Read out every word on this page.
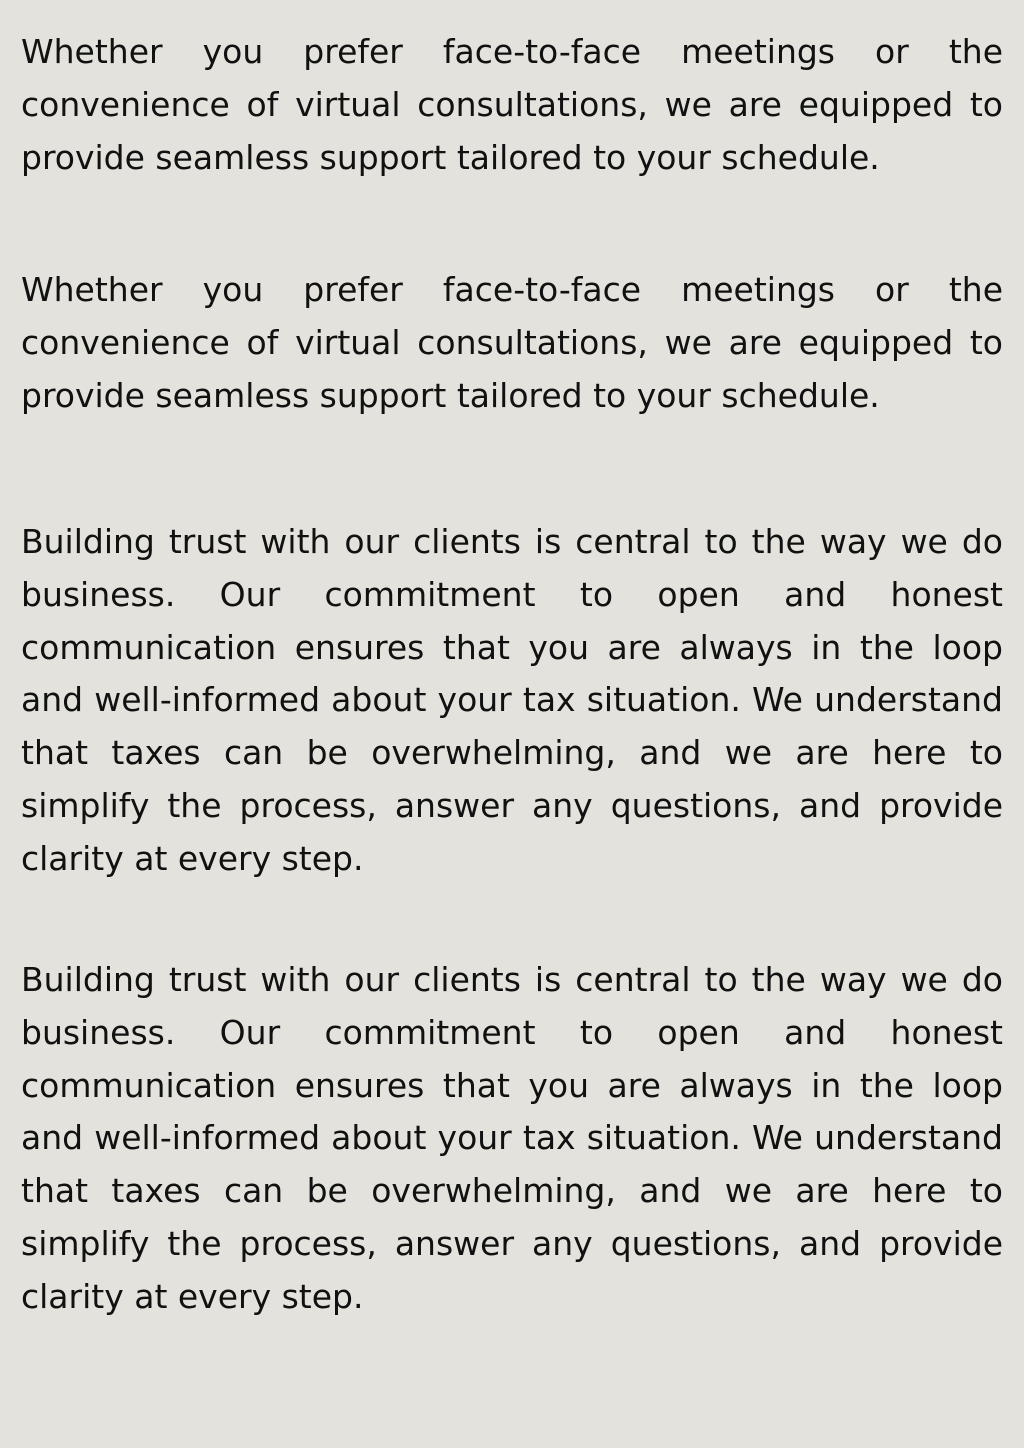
Whether you prefer face-to-face meetings or the convenience of virtual consultations, we are equipped to provide seamless support tailored to your schedule.

Whether you prefer face-to-face meetings or the convenience of virtual consultations, we are equipped to provide seamless support tailored to your schedule.

Building trust with our clients is central to the way we do business. Our commitment to open and honest communication ensures that you are always in the loop and well-informed about your tax situation. We understand that taxes can be overwhelming, and we are here to simplify the process, answer any questions, and provide clarity at every step.

Building trust with our clients is central to the way we do business. Our commitment to open and honest communication ensures that you are always in the loop and well-informed about your tax situation. We understand that taxes can be overwhelming, and we are here to simplify the process, answer any questions, and provide clarity at every step.
